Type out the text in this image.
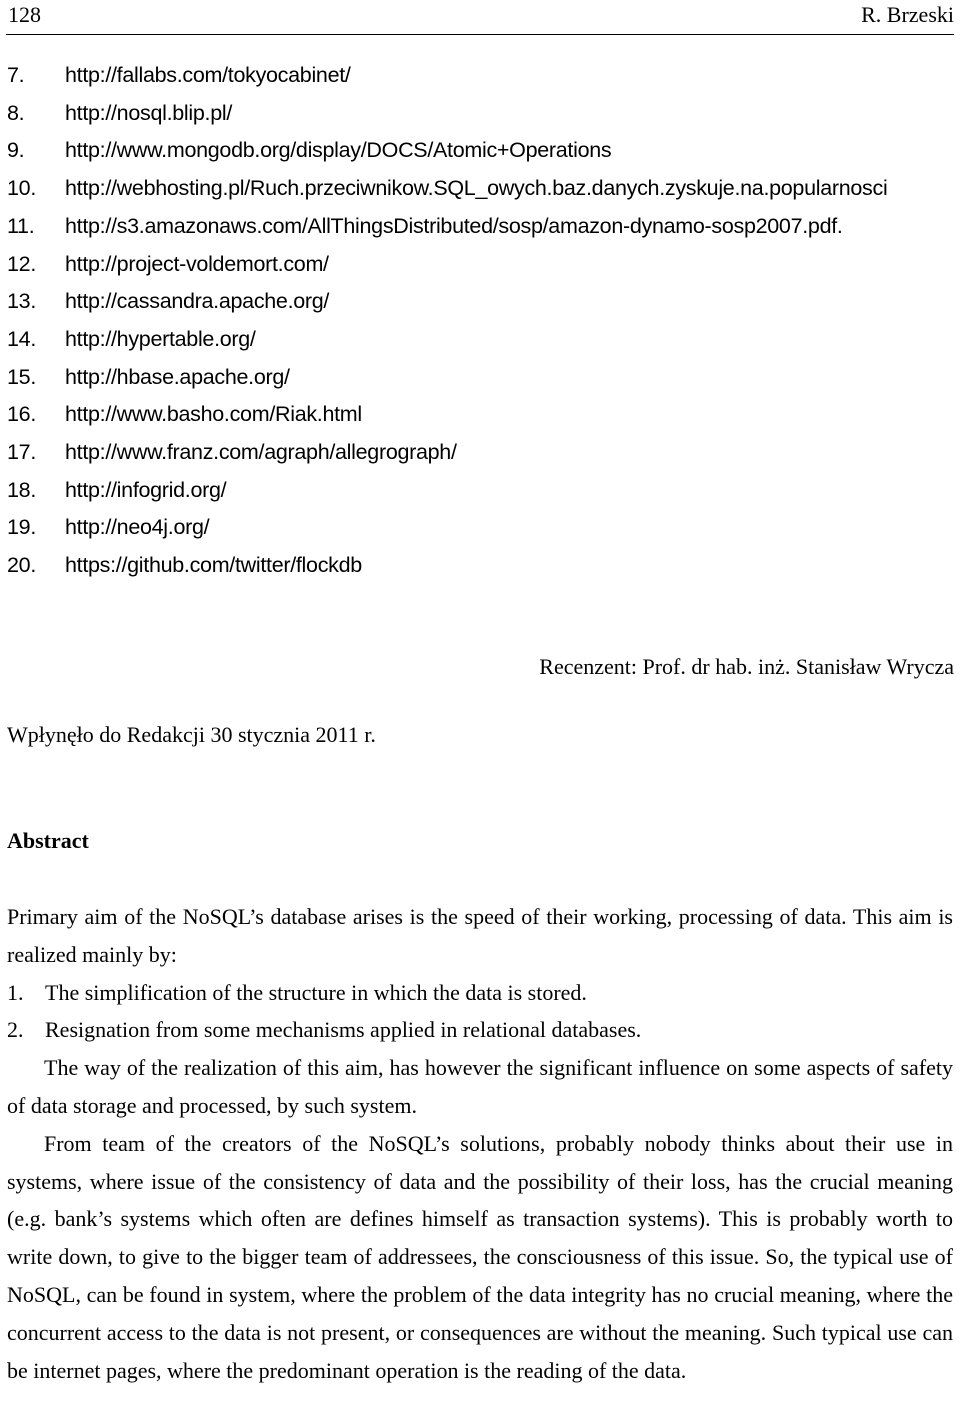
128	R. Brzeski
7. http://fallabs.com/tokyocabinet/
8. http://nosql.blip.pl/
9. http://www.mongodb.org/display/DOCS/Atomic+Operations
10. http://webhosting.pl/Ruch.przeciwnikow.SQL_owych.baz.danych.zyskuje.na.popularnosci
11. http://s3.amazonaws.com/AllThingsDistributed/sosp/amazon-dynamo-sosp2007.pdf.
12. http://project-voldemort.com/
13. http://cassandra.apache.org/
14. http://hypertable.org/
15. http://hbase.apache.org/
16. http://www.basho.com/Riak.html
17. http://www.franz.com/agraph/allegrograph/
18. http://infogrid.org/
19. http://neo4j.org/
20. https://github.com/twitter/flockdb
Recenzent: Prof. dr hab. inż. Stanisław Wrycza
Wpłynęło do Redakcji 30 stycznia 2011 r.
Abstract

Primary aim of the NoSQL’s database arises is the speed of their working, processing of data. This aim is realized mainly by:

1. The simplification of the structure in which the data is stored.

2. Resignation from some mechanisms applied in relational databases.

The way of the realization of this aim, has however the significant influence on some aspects of safety of data storage and processed, by such system.

From team of the creators of the NoSQL’s solutions, probably nobody thinks about their use in systems, where issue of the consistency of data and the possibility of their loss, has the crucial meaning (e.g. bank’s systems which often are defines himself as transaction systems). This is probably worth to write down, to give to the bigger team of addressees, the consciousness of this issue. So, the typical use of NoSQL, can be found in system, where the problem of the data integrity has no crucial meaning, where the concurrent access to the data is not present, or consequences are without the meaning. Such typical use can be internet pages, where the predominant operation is the reading of the data.
